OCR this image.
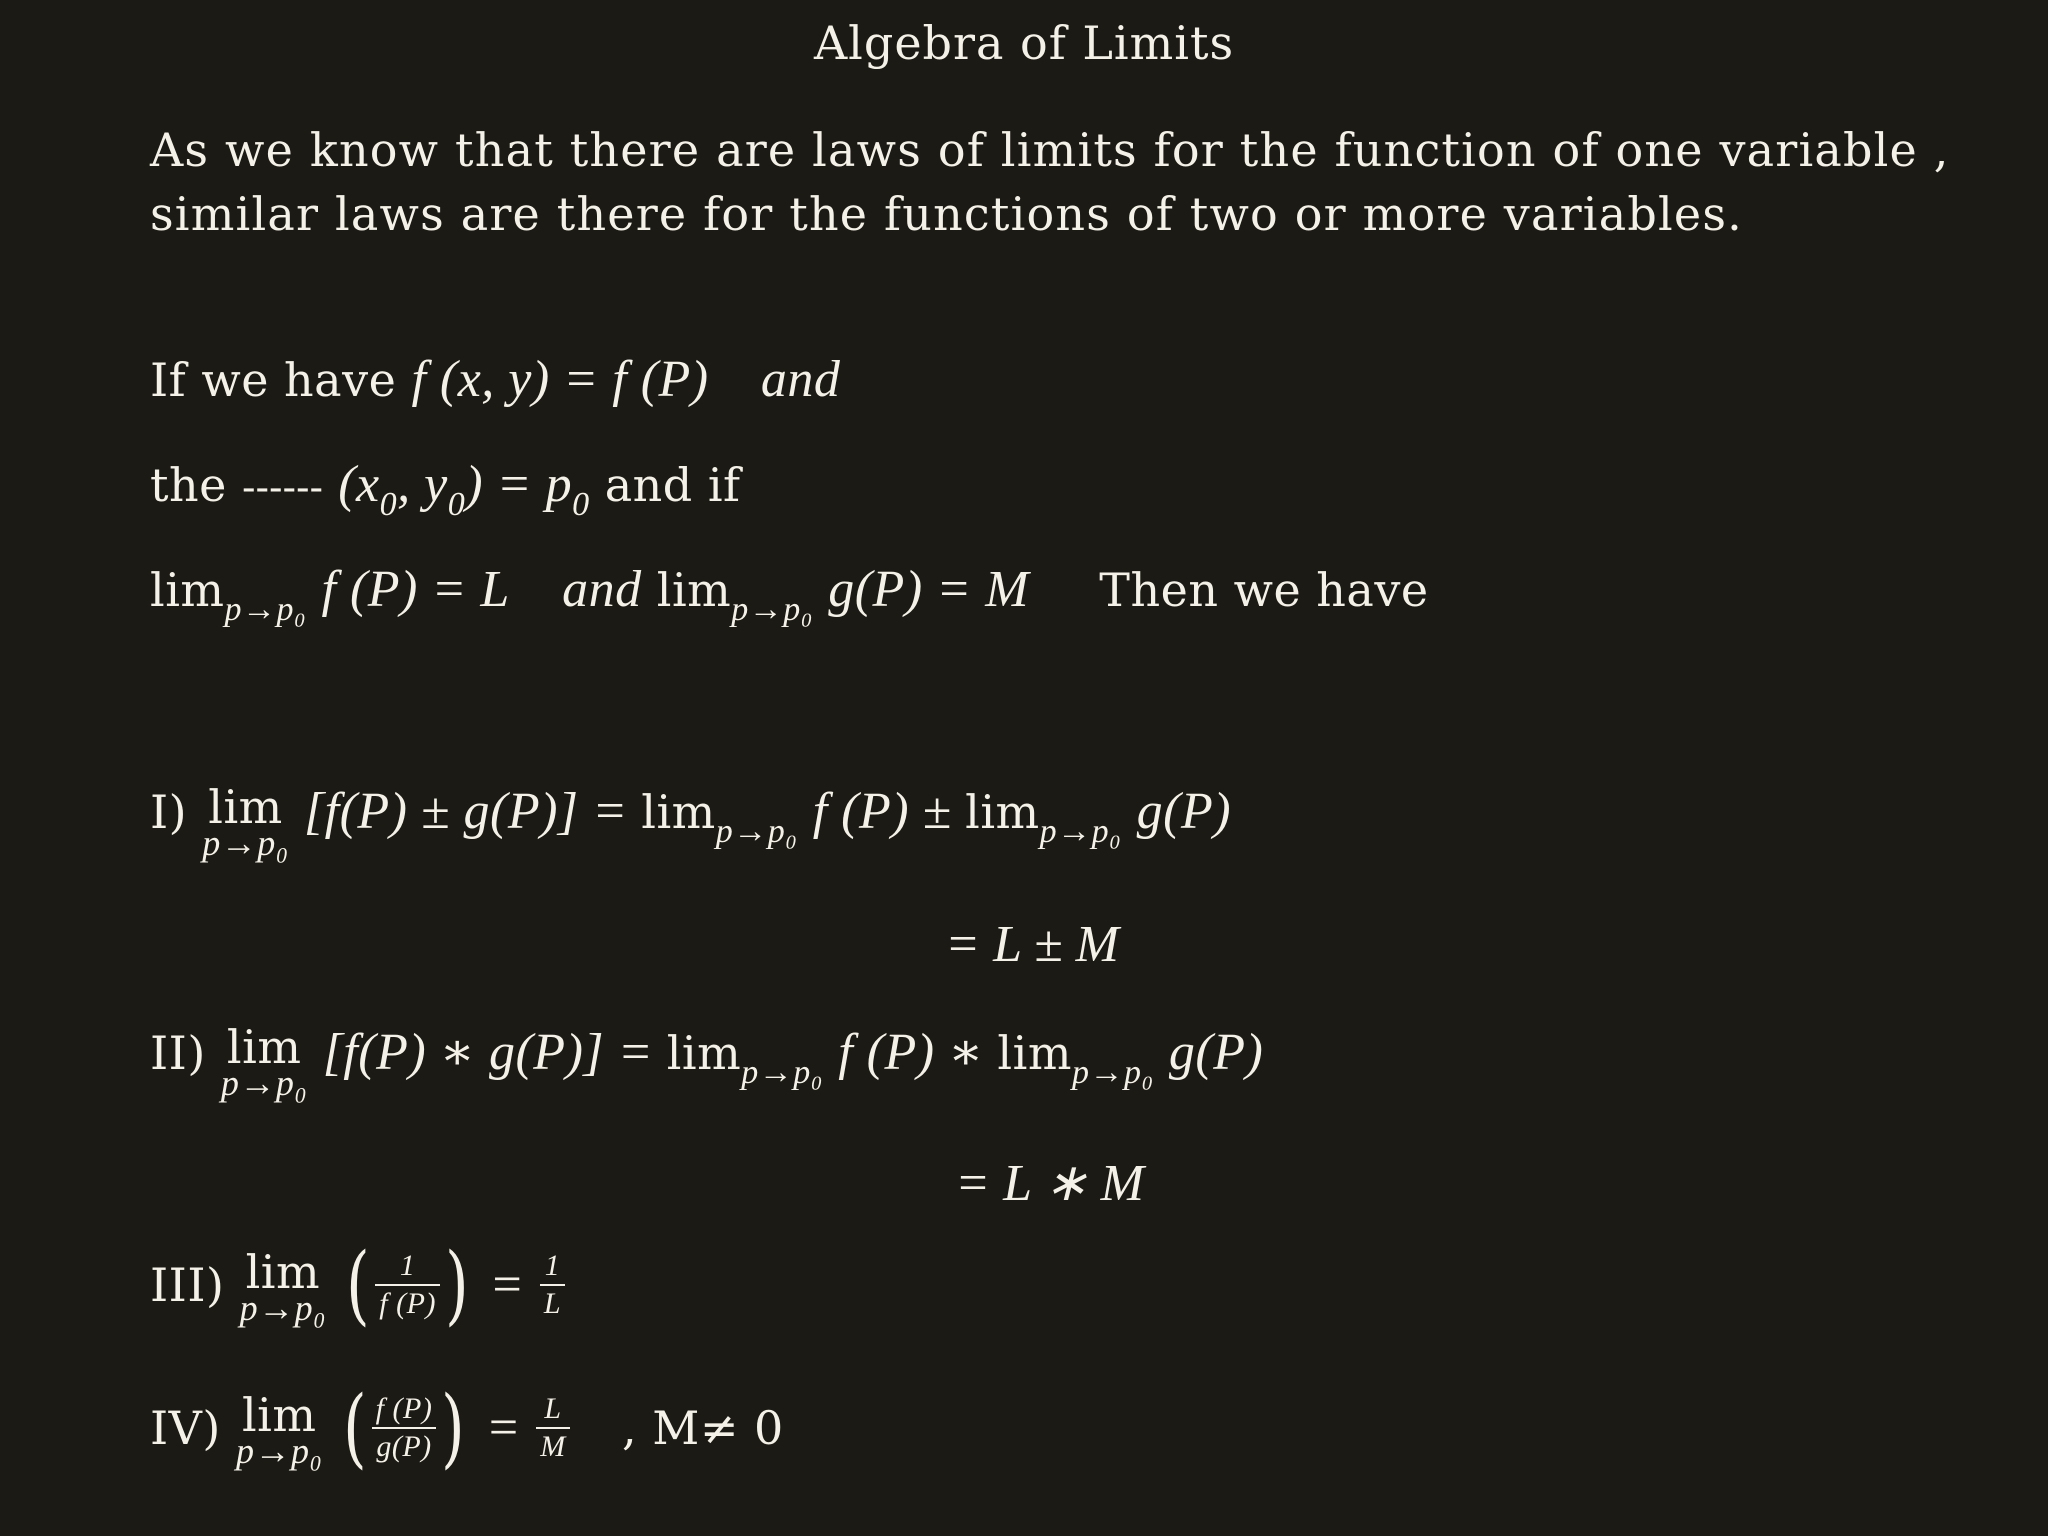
Algebra of Limits

As we know that there are laws of limits for the function of one variable , similar laws are there for the functions of two or more variables.

If we have f (x, y) = f (P) and
the ------ ($x_0$, $y_0) = p_0$ and if
$\lim_{p\to p_0} f$ (P) = L and $\lim_{p\to p_0} g(P) = M$ Then we have
I) lim
p→p₀
$[f(P) \pm g(P)] = \lim_{p\to p_0} f$ $(P) \pm \lim_{p\to p_0} g(P)$
= L ± M
II) lim
p→p₀
[f(P) ∗ $g(P)] = \lim_{p\to p_0} f$ (P) ∗ $\lim_{p\to p_0} g(P)$
= L ∗ M
III) lim
p→p₀ ( $\frac{1}{f (P)}$ ) = $\frac{1}{L}$
IV) lim
p→p₀ ( $\frac{f (P)}{g(P)}$ ) = $\frac{L}{M}$ , M≠ 0
